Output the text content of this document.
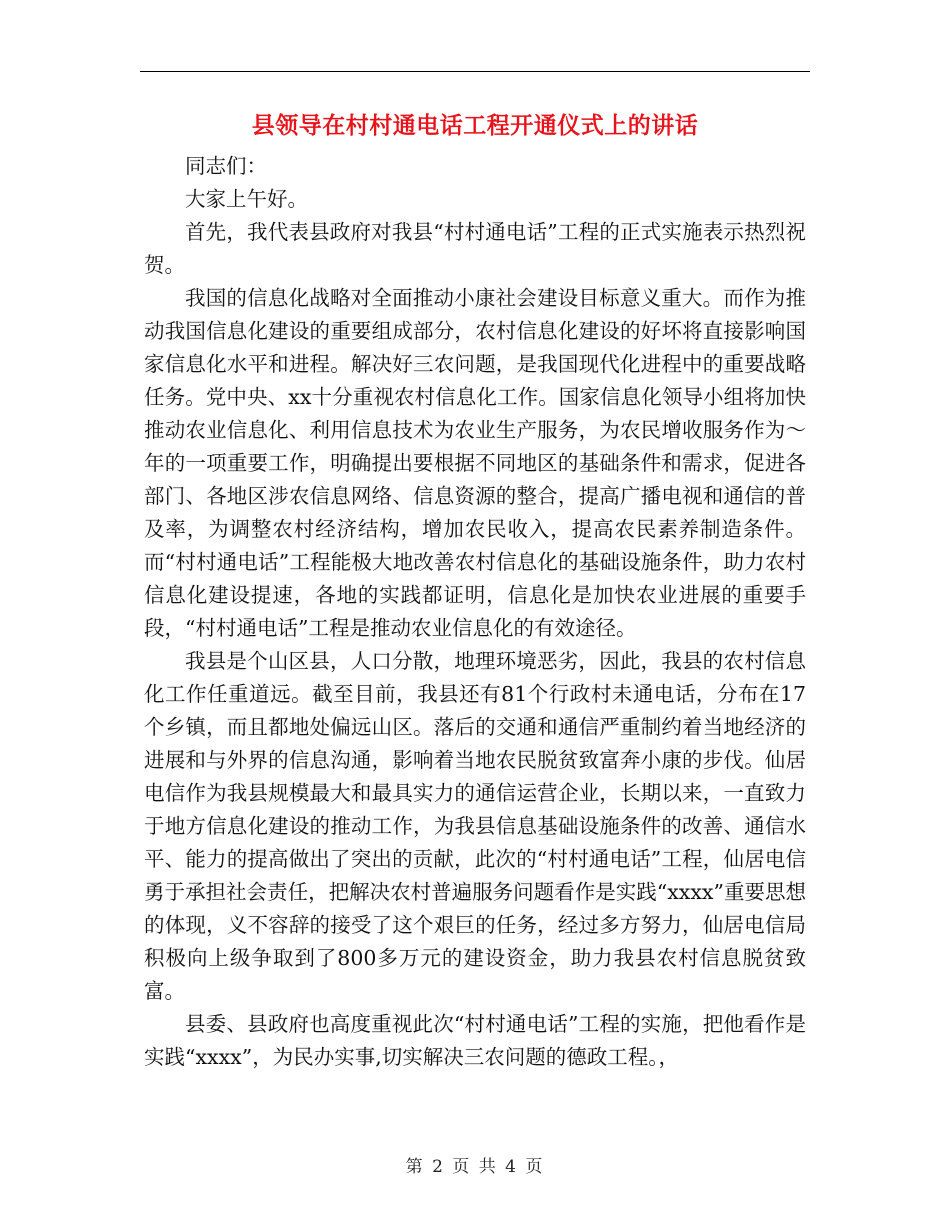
县领导在村村通电话工程开通仪式上的讲话

同志们：

大家上午好。

首先，我代表县政府对我县“村村通电话”工程的正式实施表示热烈祝贺。

我国的信息化战略对全面推动小康社会建设目标意义重大。而作为推动我国信息化建设的重要组成部分，农村信息化建设的好坏将直接影响国家信息化水平和进程。解决好三农问题，是我国现代化进程中的重要战略任务。党中央、xx十分重视农村信息化工作。国家信息化领导小组将加快推动农业信息化、利用信息技术为农业生产服务，为农民增收服务作为～年的一项重要工作，明确提出要根据不同地区的基础条件和需求，促进各部门、各地区涉农信息网络、信息资源的整合，提高广播电视和通信的普及率，为调整农村经济结构，增加农民收入，提高农民素养制造条件。而“村村通电话”工程能极大地改善农村信息化的基础设施条件，助力农村信息化建设提速，各地的实践都证明，信息化是加快农业进展的重要手段，“村村通电话”工程是推动农业信息化的有效途径。

我县是个山区县，人口分散，地理环境恶劣，因此，我县的农村信息化工作任重道远。截至目前，我县还有81个行政村未通电话，分布在17个乡镇，而且都地处偏远山区。落后的交通和通信严重制约着当地经济的进展和与外界的信息沟通，影响着当地农民脱贫致富奔小康的步伐。仙居电信作为我县规模最大和最具实力的通信运营企业，长期以来，一直致力于地方信息化建设的推动工作，为我县信息基础设施条件的改善、通信水平、能力的提高做出了突出的贡献，此次的“村村通电话”工程，仙居电信勇于承担社会责任，把解决农村普遍服务问题看作是实践“xxxx”重要思想的体现，义不容辞的接受了这个艰巨的任务，经过多方努力，仙居电信局积极向上级争取到了800多万元的建设资金，助力我县农村信息脱贫致富。

县委、县政府也高度重视此次“村村通电话”工程的实施，把他看作是实践“xxxx”，为民办实事,切实解决三农问题的德政工程。，

第 2 页 共 4 页
